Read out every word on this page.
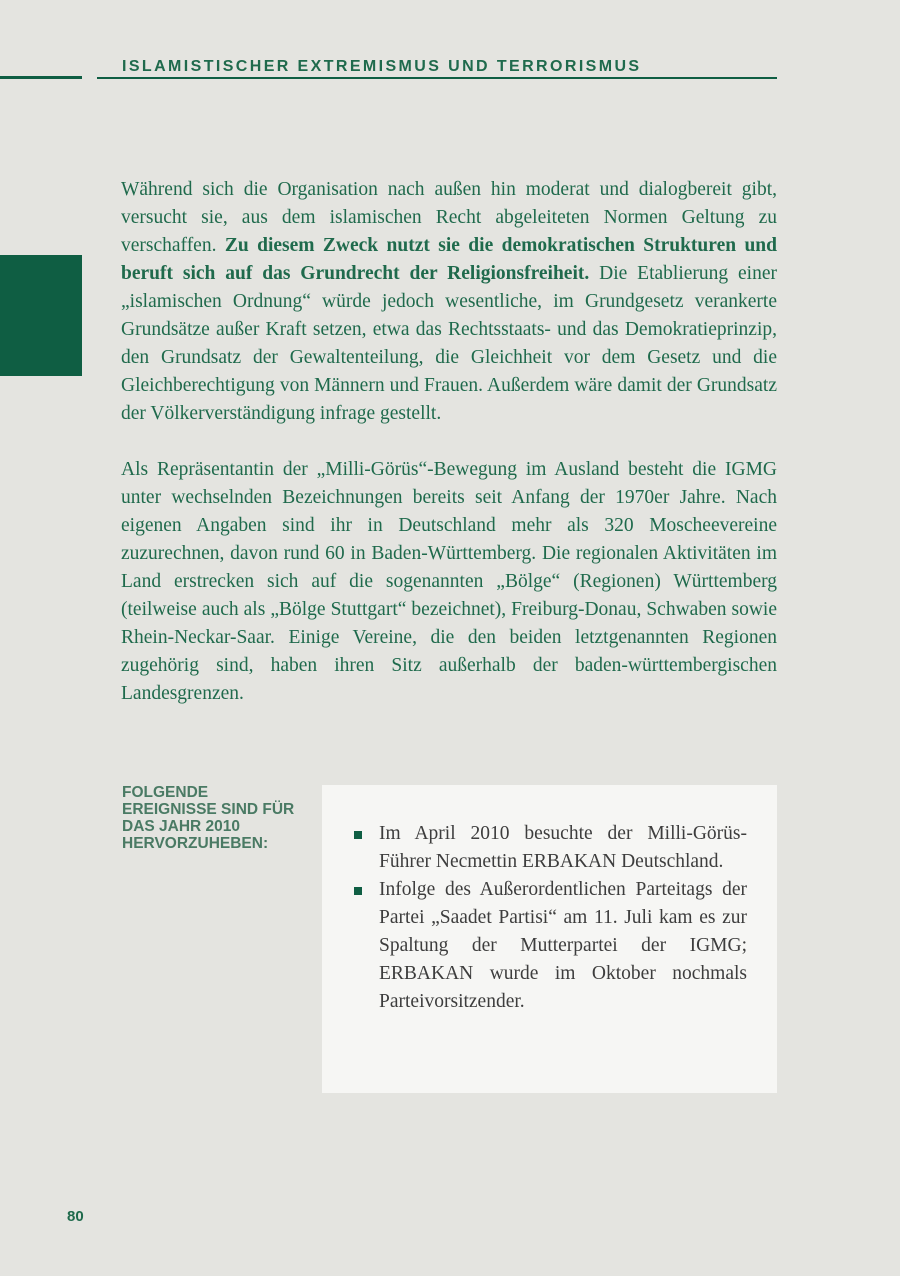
ISLAMISTISCHER EXTREMISMUS UND TERRORISMUS

Während sich die Organisation nach außen hin moderat und dialogbereit gibt, versucht sie, aus dem islamischen Recht abgeleiteten Normen Geltung zu verschaffen. Zu diesem Zweck nutzt sie die demokratischen Strukturen und beruft sich auf das Grundrecht der Religionsfreiheit. Die Etablierung einer „islamischen Ordnung“ würde jedoch wesentliche, im Grundgesetz verankerte Grundsätze außer Kraft setzen, etwa das Rechtsstaats- und das Demokratieprinzip, den Grundsatz der Gewaltenteilung, die Gleichheit vor dem Gesetz und die Gleichberechtigung von Männern und Frauen. Außerdem wäre damit der Grundsatz der Völkerverständigung infrage gestellt.

Als Repräsentantin der „Milli-Görüs“-Bewegung im Ausland besteht die IGMG unter wechselnden Bezeichnungen bereits seit Anfang der 1970er Jahre. Nach eigenen Angaben sind ihr in Deutschland mehr als 320 Moscheevereine zuzurechnen, davon rund 60 in Baden-Württemberg. Die regionalen Aktivitäten im Land erstrecken sich auf die sogenannten „Bölge“ (Regionen) Württemberg (teilweise auch als „Bölge Stuttgart“ bezeichnet), Freiburg-Donau, Schwaben sowie Rhein-Neckar-Saar. Einige Vereine, die den beiden letztgenannten Regionen zugehörig sind, haben ihren Sitz außerhalb der baden-württembergischen Landesgrenzen.

FOLGENDE EREIGNISSE SIND FÜR DAS JAHR 2010 HERVORZUHEBEN:	Im April 2010 besuchte der Milli-Görüs-Führer Necmettin ERBAKAN Deutschland.
Infolge des Außerordentlichen Parteitags der Partei „Saadet Partisi“ am 11. Juli kam es zur Spaltung der Mutterpartei der IGMG; ERBAKAN wurde im Oktober nochmals Parteivorsitzender.
80
